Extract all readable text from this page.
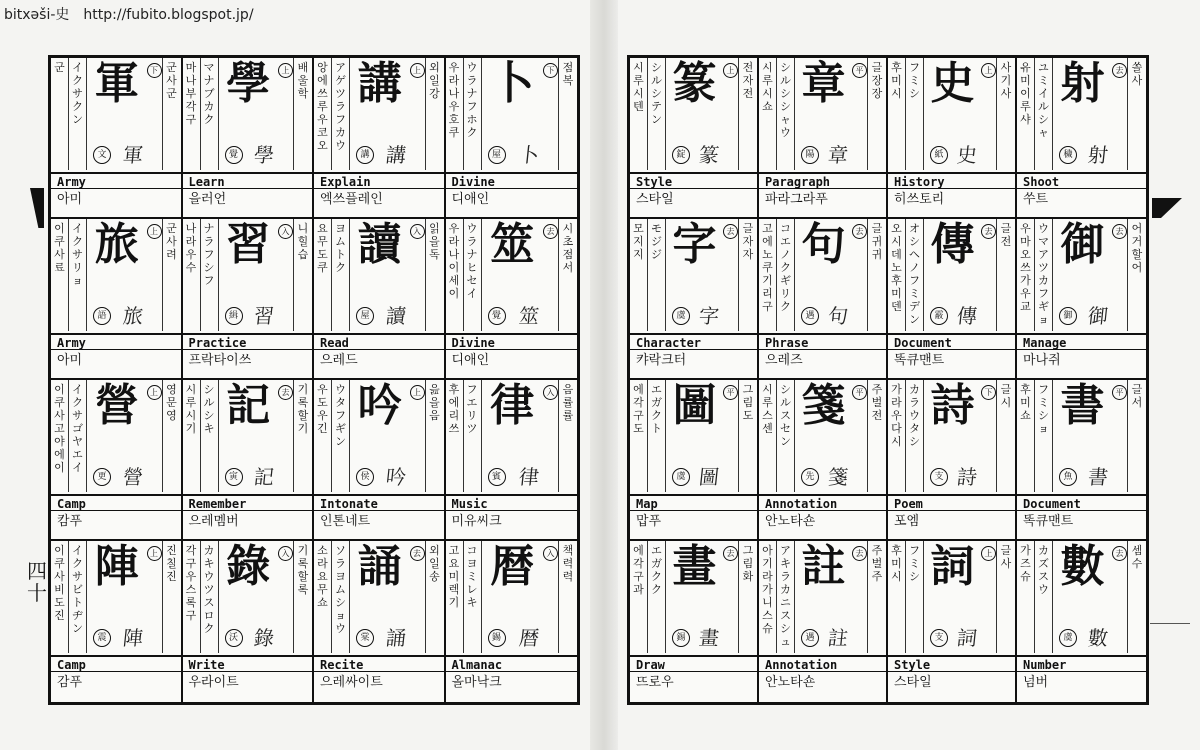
bitxəši-史 http://fubito.blogspot.jp/
四十
군 イクサ クン
軍
軍
文
下 군사 군
Army
아미
마나부 각구
マナブ カク
學
學
覺
上 배울 학
Learn
을러언
앙에쓰루우 코오
アゲツラフ カウ
講
講
講
上 외일 강
Explain
엑쓰플레인
우라나우 호쿠
ウラナフ ホク
卜
卜
屋
下 점 복
Divine
디애인
이쿠사 료
イクサ リョ
旅
旅
語
上 군사 려
Army
아미
나라우 수
ナラフ シフ
習
習
緝
入 니힐 습
Practice
프락타이쓰
요무 도쿠
ヨム トク 讀
讀
屋
入 읽을 독
Read
으레드
우라나이 세이
ウラナヒ セイ
筮
筮
覺
去 시초점 서
Divine
디애인
이쿠사고야 에이
イクサゴヤ エイ
營
營
更
上 영문 영
Camp
캄푸
시루시 기
シルシ キ 記
記
寅
去 기록할 기
Remember
으레멤버
우도우 긴
ウタフ ギン
吟
吟
侯
上 읊을 음
Intonate
인톤네트
후에 리쓰
フエ リツ 律
律
賓
入 음률 률
Music
미유씨크
이쿠사비도 진
イクサビト ヂン
陣
陣
震
上 진칠 진
Camp
감푸
각구우스 록구
カキウツス ロク
錄
錄
沃
入 기록할 록
Write
우라이트
소라요무 쇼
ソラヨム ショウ
誦
誦
棠
去 외일 송
Recite
으레싸이트
고요미 렉기
コヨミ レキ
暦
暦
錫
入 책력 력
Almanac
올마낙크
시루시 텐
シルシ テン
篆
篆
錠
上 전자 전
Style
스타일
시루시 쇼
シルシ シャウ
章
章
陽
平 글장 장
Paragraph
파라그라푸
후미 시
フミ シ 史
史
紙
上 사기 사
History
히쓰토리
유미이루 샤
ユミイル シャ
射
射
穢
去 쏠 사
Shoot
쑤트
모지 지
モジ ジ 字
字
虞
去 글자 자
Character
캬락크터
고에노쿠기리 구
コエノクギリ ク
句
句
遇
去 글귀 귀
Phrase
으레즈
오시데노후미 덴
オシヘノフミ デン
傳
傳
霰
去 글 전
Document
똑큐맨트
우마오쓰가우 교
ウマアツカフ ギョ
御
御
御
去 어거할 어
Manage
마나쥐
에각구 도
エガク ト 圖
圖
虞
平 그림 도
Map
맙푸
시루스 센
シルス セン
箋
箋
先
平 주벌 전
Annotation
안노타숀
가라우다 시
カラウタ シ
詩
詩
支
下 글 시
Poem
포엠
후미 쇼
フミ ショ 書
書
魚
平 글 서
Document
똑큐맨트
에각구 과
エガク ク 畫
畫
錫
去 그림 화
Draw
뜨로우
아기라가니스 슈
アキラカニス シュ
註
註
遇
去 주벌 주
Annotation
안노타숀
후미 시
フミ シ 詞
詞
支
上 글 사
Style
스타일
가즈 슈
カズ スウ 數
數
虞
去 셈 수
Number
넘버
